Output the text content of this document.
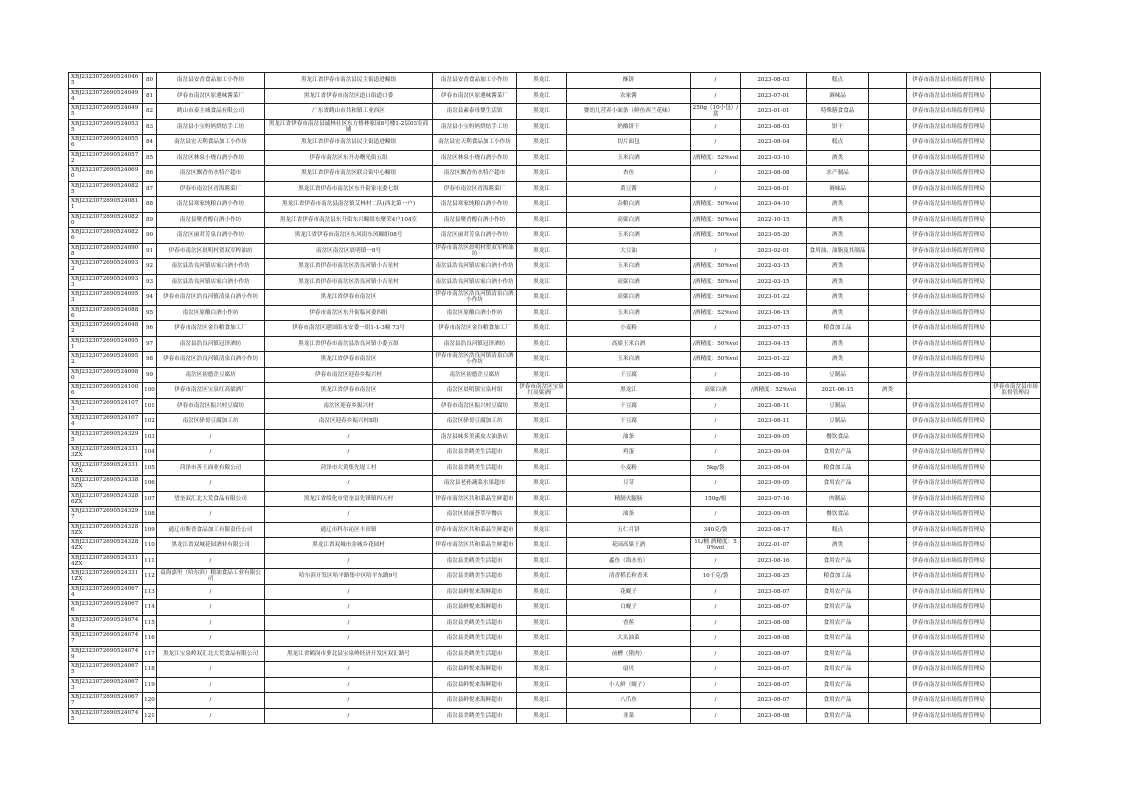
XBJ23230726905240465	80	南岔县安香食品加工小作坊	黑龙江省伊春市南岔县民主街道进疃组	南岔县安香食品加工小作坊	黑龙江	酥饼	/	2023-08-03	糕点		伊春市南岔县市场监督管理局	
XBJ23230726905240494	81	伊春市南岔区原遇味酱菜厂	黑龙江省伊春市南岔区道口街道口委	伊春市南岔区原遇味酱菜厂	黑龙江	农家酱	/	2023-07-01	调味品		伊春市南岔县市场监督管理局	
XBJ23230726905240495	82	鹤山市泰主城食品有限公司	广东省鹤山市共和镇工业西区	南岔县素泰母婴生活馆	黑龙江	婴幼儿营养小面条（鲜鱼西兰花味）	250g（10小包）/盒	2023-01-01	特殊膳食食品		伊春市南岔县市场监督管理局	
XBJ23230726905240535	83	南岔县小宝妈妈烘焙手工坊	黑龙江省伊春市南岔县诚林社区东方格林家园8号楼1-2层03室商铺	南岔县小宝妈妈烘焙手工坊	黑龙江	奶酪饼干	/	2023-08-03	饼干		伊春市南岔县市场监督管理局	
XBJ23230726905240556	84	南岔县宏天利食品加工小作坊	黑龙江省伊春市南岔县民主街道进疃组	南岔县宏天利食品加工小作坊	黑龙江	切片面包	/	2023-08-04	糕点		伊春市南岔县市场监督管理局	
XBJ23230726905240572	85	南岔区林泉小烧白酒小作坊	伊春市南岔区东升办曙光街五组	南岔区林泉小烧白酒小作坊	黑龙江	玉米白酒	/酒精度：52%vol	2023-03-10	酒类		伊春市南岔县市场监督管理局	
XBJ23230726905240690	86	南岔区飘香鱼水特产超市	黑龙江省伊春市南岔区联合街中心疃组	南岔区飘香鱼水特产超市	黑龙江	杏鱼	/	2023-08-08	水产制品		伊春市南岔县市场监督管理局	
XBJ23230726905240825	87	伊春市南岔区青海酱菜厂	黑龙江省伊春市南岔区东升街家屯委七组	伊春市南岔区青海酱菜厂	黑龙江	黄豆酱	/	2023-08-01	调味品		伊春市南岔县市场监督管理局	
XBJ23230726905240811	88	南岔县寒家纯粮白酒小作坊	黑龙江省伊春市南岔县南岔镇艾林村二队(西北第一户)	南岔县寒家纯粮白酒小作坊	黑龙江	杂粮白酒	/酒精度：50%vol	2023-04-10	酒类		伊春市南岔县市场监督管理局	
XBJ23230726905240820	89	南岔县聚香醇白酒小作坊	黑龙江省伊春市南岔县东升街东兴疃组东聚荣4户104室	南岔县聚香醇白酒小作坊	黑龙江	高粱白酒	/酒精度：50%vol	2022-10-15	酒类		伊春市南岔县市场监督管理局	
XBJ23230726905240826	90	南岔区丽君芳泉白酒小作坊	黑龙江省伊春市南岔区东风街东风疃组08号	南岔区丽君芳泉白酒小作坊	黑龙江	玉米白酒	/酒精度：50%vol	2023-05-20	酒类		伊春市南岔县市场监督管理局	
XBJ23230726905240908	91	伊春市南岔区晨明村贺双军榨油坊	南岔区南岔区晨明镇一8号	伊春市南岔区晨明村贺双军榨油坊	黑龙江	大豆油	/	2023-02-01	食用油、油脂及其制品		伊春市南岔县市场监督管理局	
XBJ23230726905240932	92	南岔县浩良河镇店家白酒小作坊	黑龙江省伊春市南岔区浩良河镇小吉星村	南岔县浩良河镇店家白酒小作坊	黑龙江	玉米白酒	/酒精度：50%vol	2022-03-15	酒类		伊春市南岔县市场监督管理局	
XBJ23230726905240933	93	南岔县浩良河镇店家白酒小作坊	黑龙江省伊春市南岔区浩良河镇小吉星村	南岔县浩良河镇店家白酒小作坊	黑龙江	高粱白酒	/酒精度：50%vol	2022-03-15	酒类		伊春市南岔县市场监督管理局	
XBJ23230726905240953	94	伊春市南岔区浩良河镇清泉白酒小作坊	黑龙江省伊春市南岔区	伊春市南岔区浩良河镇清泉白酒小作坊	黑龙江	高粱白酒	/酒精度：50%vol	2023-01-22	酒类		伊春市南岔县市场监督管理局	
XBJ23230726905240886	95	南岔区原酿白酒小作坊	伊春市南岔区东升街临河委四组	南岔区原酿白酒小作坊	黑龙江	玉米白酒	/酒精度：52%vol	2023-06-15	酒类		伊春市南岔县市场监督管理局	
XBJ23230726905240482	96	伊春市南岔区金谷粮食加工厂	伊春市南岔区建国街永安委一组1-1-3幢 73号	伊春市南岔区金谷粮食加工厂	黑龙江	小麦粉	/	2023-07-15	粮食加工品		伊春市南岔县市场监督管理局	
XBJ23230726905240951	97	南岔县浩良河镇冠泽酒坊	黑龙江省伊春市南岔县浩良河镇小委五组	南岔县浩良河镇冠泽酒坊	黑龙江	高粱玉米白酒	/酒精度：50%vol	2023-04-15	酒类		伊春市南岔县市场监督管理局	
XBJ23230726905240952	98	伊春市南岔区浩良河镇清泉白酒小作坊	黑龙江省伊春市南岔区	伊春市南岔区浩良河镇清泉白酒小作坊	黑龙江	玉米白酒	/酒精度：50%vol	2023-01-22	酒类		伊春市南岔县市场监督管理局	
XBJ23230726905240980	99	南岔区初德企豆腐坊	伊春市南岔区迎春乡振兴村	南岔区初德企豆腐坊	黑龙江	干豆腐	/	2023-08-10	豆制品		伊春市南岔县市场监督管理局	
XBJ23230726905241006	100	伊春市南岔区宝泉红高粱酒厂	黑龙江省伊春市南岔区	南岔区晨明镇宝泉村组	伊春市南岔区宝泉红高粱酒厂	黑龙江	高粱白酒	/酒精度：52%vol	2021-06-15	酒类		伊春市南岔县市场监督管理局
XBJ23230726905241073	101	伊春市南岔区振兴村豆腐坊	南岔区迎春乡振兴村	伊春市南岔区振兴村豆腐坊	黑龙江	干豆腐	/	2023-08-11	豆制品		伊春市南岔县市场监督管理局	
XBJ23230726905241074	102	南岔区驿哥豆腐加工坊	南岔区迎春乡振兴村8组	南岔区驿哥豆腐加工坊	黑龙江	干豆腐	/	2023-08-11	豆制品		伊春市南岔县市场监督管理局	
XBJ23230726905243295	103	/	/	南岔县味多美溪皮大油条店	黑龙江	油条	/	2023-09-05	餐饮食品		伊春市南岔县市场监督管理局	
XBJ23230726905243313ZX	104	/	/	南岔县美鹤美生活超市	黑龙江	鸡蛋	/	2023-09-04	食用农产品		伊春市南岔县市场监督管理局	
XBJ23230726905243311ZX	105	菏泽市善王面业有限公司	菏泽市大黄集先堤工村	南岔县美鹤美生活超市	黑龙江	小麦粉	5kg/袋	2023-08-04	粮食加工品		伊春市南岔县市场监督管理局	
XBJ23230726905243385ZX	106	/	/	南岔县老孙蔬菜水果超市	黑龙江	豆芽	/	2023-09-05	食用农产品		伊春市南岔县市场监督管理局	
XBJ23230726905243286ZX	107	望奎双汇北大荒食品有限公司	黑龙江省绥化市望奎县先锋镇四五村	伊春市南岔区共和菜品生鲜超市	黑龙江	精制火腿肠	150g/根	2023-07-16	肉制品		伊春市南岔县市场监督管理局	
XBJ23230726905243297	108	/	/	南岔区晨丽荟萃早餐店	黑龙江	油条	/	2023-09-05	餐饮食品		伊春市南岔县市场监督管理局	
XBJ23230726905243285ZX	109	通辽市斯香食品加工有限责任公司	通辽市科尔沁区丰田镇	伊春市南岔区共和菜品生鲜超市	黑龙江	五仁月饼	340克/袋	2023-08-17	糕点		伊春市南岔县市场监督管理局	
XBJ23230726905243284ZX	110	黑龙江省双城花园酒业有限公司	黑龙江省双城市金城乡花园村	伊春市南岔区共和菜品生鲜超市	黑龙江	花园高粱王酒	1L/桶 酒精度：50%vol	2022-01-07	酒类		伊春市南岔县市场监督管理局	
XBJ23230726905243314ZX	111	/	/	南岔县美鹤美生活超市	黑龙江	蟊鱼（海水鱼）	/	2023-08-16	食用农产品		伊春市南岔县市场监督管理局	
XBJ23230726905243311ZX	112	益海嘉里（哈尔滨）粮油食品工业有限公司	哈尔滨开发区哈平路集中区哈平东路9号	南岔县美鹤美生活超市	黑龙江	清香稻长粒香米	10千克/袋	2023-08-25	粮食加工品		伊春市南岔县市场监督管理局	
XBJ23230726905240674	113	/	/	南岔县鲜悦来海鲜超市	黑龙江	花蚬子	/	2023-08-07	食用农产品		伊春市南岔县市场监督管理局	
XBJ23230726905240676	114	/	/	南岔县鲜悦来海鲜超市	黑龙江	白蚬子	/	2023-08-07	食用农产品		伊春市南岔县市场监督管理局	
XBJ23230726905240748	115	/	/	南岔县美鹤美生活超市	黑龙江	香蕉	/	2023-08-08	食用农产品		伊春市南岔县市场监督管理局	
XBJ23230726905240747	116	/	/	南岔县美鹤美生活超市	黑龙江	大头油菜	/	2023-08-08	食用农产品		伊春市南岔县市场监督管理局	
XBJ23230726905240749	117	黑龙江宝泉岭双汇北大荒食品有限公司	黑龙江省鹤岗市萝北县宝泉岭经济开发区双汇路号	南岔县美鹤美生活超市	黑龙江	前槽（猪肉）	/	2023-08-07	食用农产品		伊春市南岔县市场监督管理局	
XBJ23230726905240675	118	/	/	南岔县鲜悦来海鲜超市	黑龙江	扇贝	/	2023-08-07	食用农产品		伊春市南岔县市场监督管理局	
XBJ23230726905240673	119	/	/	南岔县鲜悦来海鲜超市	黑龙江	小人鲜（蚬子）	/	2023-08-07	食用农产品		伊春市南岔县市场监督管理局	
XBJ23230726905240677	120	/	/	南岔县鲜悦来海鲜超市	黑龙江	八爪鱼	/	2023-08-07	食用农产品		伊春市南岔县市场监督管理局	
XBJ23230726905240745	121	/	/	南岔县美鹤美生活超市	黑龙江	韭菜	/	2023-08-08	食用农产品		伊春市南岔县市场监督管理局	
